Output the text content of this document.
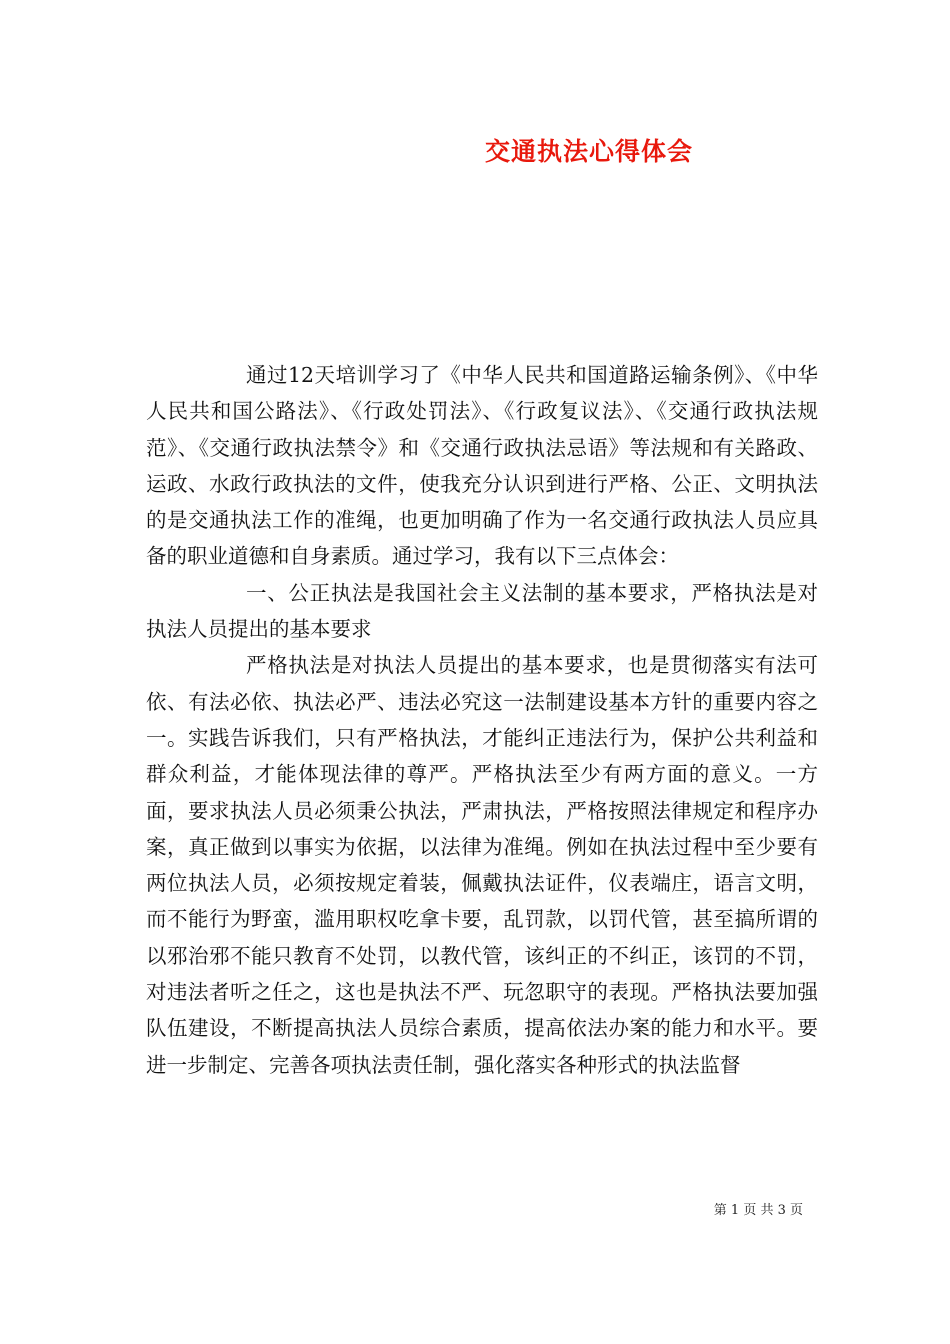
交通执法心得体会

通过12天培训学习了《中华人民共和国道路运输条例》、《中华人民共和国公路法》、《行政处罚法》、《行政复议法》、《交通行政执法规范》、《交通行政执法禁令》和《交通行政执法忌语》等法规和有关路政、运政、水政行政执法的文件，使我充分认识到进行严格、公正、文明执法的是交通执法工作的准绳，也更加明确了作为一名交通行政执法人员应具备的职业道德和自身素质。通过学习，我有以下三点体会：

一、公正执法是我国社会主义法制的基本要求，严格执法是对执法人员提出的基本要求

严格执法是对执法人员提出的基本要求，也是贯彻落实有法可依、有法必依、执法必严、违法必究这一法制建设基本方针的重要内容之一。实践告诉我们，只有严格执法，才能纠正违法行为，保护公共利益和群众利益，才能体现法律的尊严。严格执法至少有两方面的意义。一方面，要求执法人员必须秉公执法，严肃执法，严格按照法律规定和程序办案，真正做到以事实为依据，以法律为准绳。例如在执法过程中至少要有两位执法人员，必须按规定着装，佩戴执法证件，仪表端庄，语言文明，而不能行为野蛮，滥用职权吃拿卡要，乱罚款，以罚代管，甚至搞所谓的以邪治邪不能只教育不处罚，以教代管，该纠正的不纠正，该罚的不罚，对违法者听之任之，这也是执法不严、玩忽职守的表现。严格执法要加强队伍建设，不断提高执法人员综合素质，提高依法办案的能力和水平。要进一步制定、完善各项执法责任制，强化落实各种形式的执法监督

第 1 页 共 3 页
